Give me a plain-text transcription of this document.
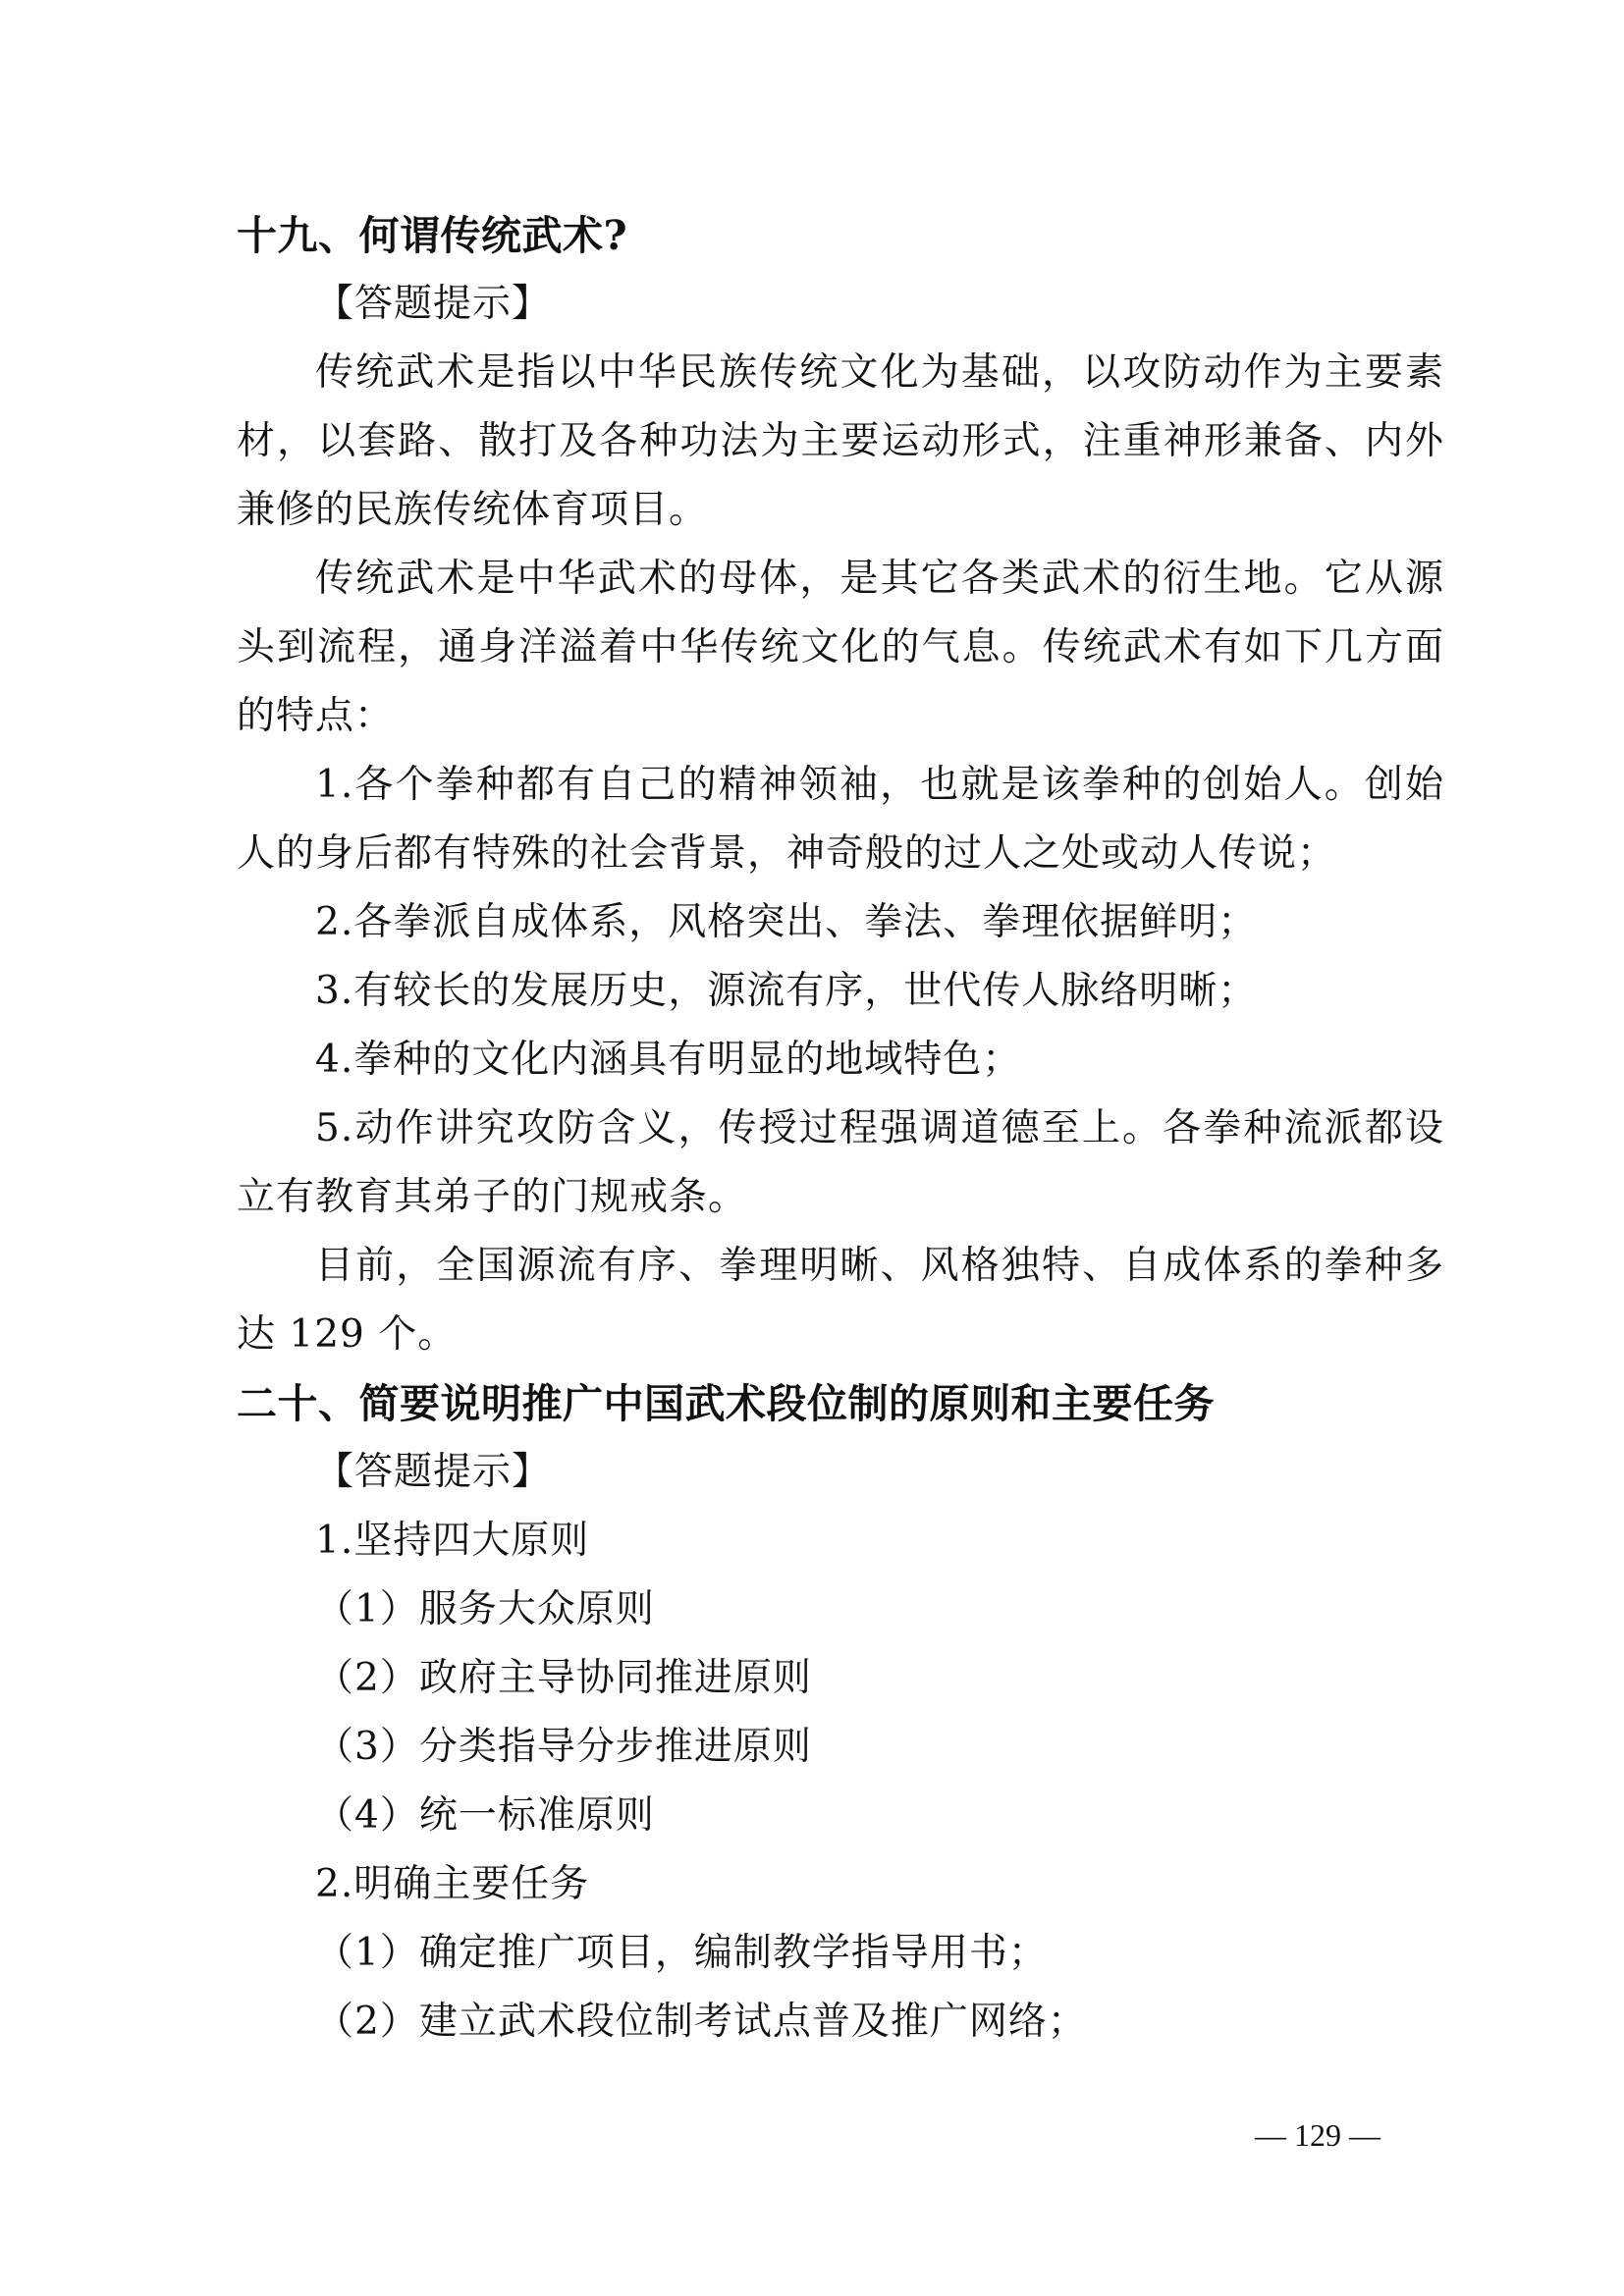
十九、何谓传统武术?

【答题提示】

传统武术是指以中华民族传统文化为基础，以攻防动作为主要素材，以套路、散打及各种功法为主要运动形式，注重神形兼备、内外兼修的民族传统体育项目。

传统武术是中华武术的母体，是其它各类武术的衍生地。它从源头到流程，通身洋溢着中华传统文化的气息。传统武术有如下几方面的特点：

1.各个拳种都有自己的精神领袖，也就是该拳种的创始人。创始人的身后都有特殊的社会背景，神奇般的过人之处或动人传说；

2.各拳派自成体系，风格突出、拳法、拳理依据鲜明；

3.有较长的发展历史，源流有序，世代传人脉络明晰；

4.拳种的文化内涵具有明显的地域特色；

5.动作讲究攻防含义，传授过程强调道德至上。各拳种流派都设立有教育其弟子的门规戒条。

目前，全国源流有序、拳理明晰、风格独特、自成体系的拳种多达 129 个。

二十、简要说明推广中国武术段位制的原则和主要任务

【答题提示】

1.坚持四大原则

（1）服务大众原则

（2）政府主导协同推进原则

（3）分类指导分步推进原则

（4）统一标准原则

2.明确主要任务

（1）确定推广项目，编制教学指导用书；

（2）建立武术段位制考试点普及推广网络；

— 129 —
